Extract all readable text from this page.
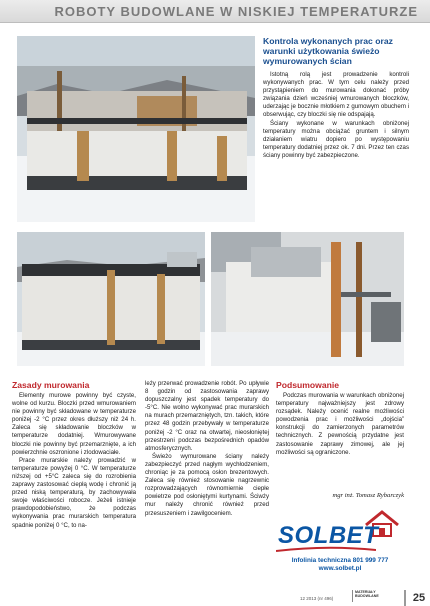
ROBOTY BUDOWLANE W NISKIEJ TEMPERATURZE
Kontrola wykonanych prac oraz warunki użytkowania świeżo wymurowanych ścian

Istotną rolą jest prowadzenie kontroli wykonywanych prac. W tym celu należy przed przystąpieniem do murowania dokonać próby związania dzień wcześniej wmurowanych bloczków, uderzając je bocznie młotkiem z gumowym obuchem i obserwując, czy bloczki się nie odspajają.

Ściany wykonane w warunkach obniżonej temperatury można obciążać gruntem i silnym działaniem wiatru dopiero po występowaniu temperatury dodatniej przez ok. 7 dni. Przez ten czas ściany powinny być zabezpieczone.

Zasady murowania

Elementy murowe powinny być czyste, wolne od kurzu. Bloczki przed wmurowaniem nie powinny być składowane w temperaturze poniżej -2 °C przez okres dłuższy niż 24 h. Zaleca się składowanie bloczków w temperaturze dodatniej. Wmurowywane bloczki nie powinny być przemarznięte, a ich powierzchnie oszronione i zlodowaciałe.

Prace murarskie należy prowadzić w temperaturze powyżej 0 °C. W temperaturze niższej od +5°C zaleca się do rozrobienia zaprawy zastosować ciepłą wodę i chronić ją przed niską temperaturą, by zachowywała swoje właściwości robocze. Jeżeli istnieje prawdopodobieństwo, że podczas wykonywania prac murarskich temperatura spadnie poniżej 0 °C, to na-

leży przerwać prowadzenie robót. Po upływie 8 godzin od zastosowania zaprawy dopuszczalny jest spadek temperatury do -5°C. Nie wolno wykonywać prac murarskich na murach przemarzniętych, tzn. takich, które przez 48 godzin przebywały w temperaturze poniżej -2 °C oraz na otwartej, nieosłoniętej przestrzeni podczas bezpośrednich opadów atmosferycznych.

Świeżo wymurowane ściany należy zabezpieczyć przed nagłym wychłodzeniem, chroniąc je za pomocą osłon brezentowych. Zaleca się również stosowanie nagrzewnic rozprowadzających równomiernie ciepłe powietrze pod osłoniętymi kurtynami. Ściwży mur należy chronić również przed przesuszeniem i zawilgoceniem.

Podsumowanie

Podczas murowania w warunkach obniżonej temperatury najważniejszy jest zdrowy rozsądek. Należy ocenić realne możliwości powodzenia prac i możliwości „dojścia” konstrukcji do zamierzonych parametrów technicznych. Z pewnością przydatne jest zastosowanie zaprawy zimowej, ale jej możliwości są ograniczone.

mgr inż. Tomasz Rybarczyk
SOLBET
Infolinia techniczna 801 999 777
www.solbet.pl
12 2013 (nr 496)
MATERIAŁY BUDOWLANE	25
